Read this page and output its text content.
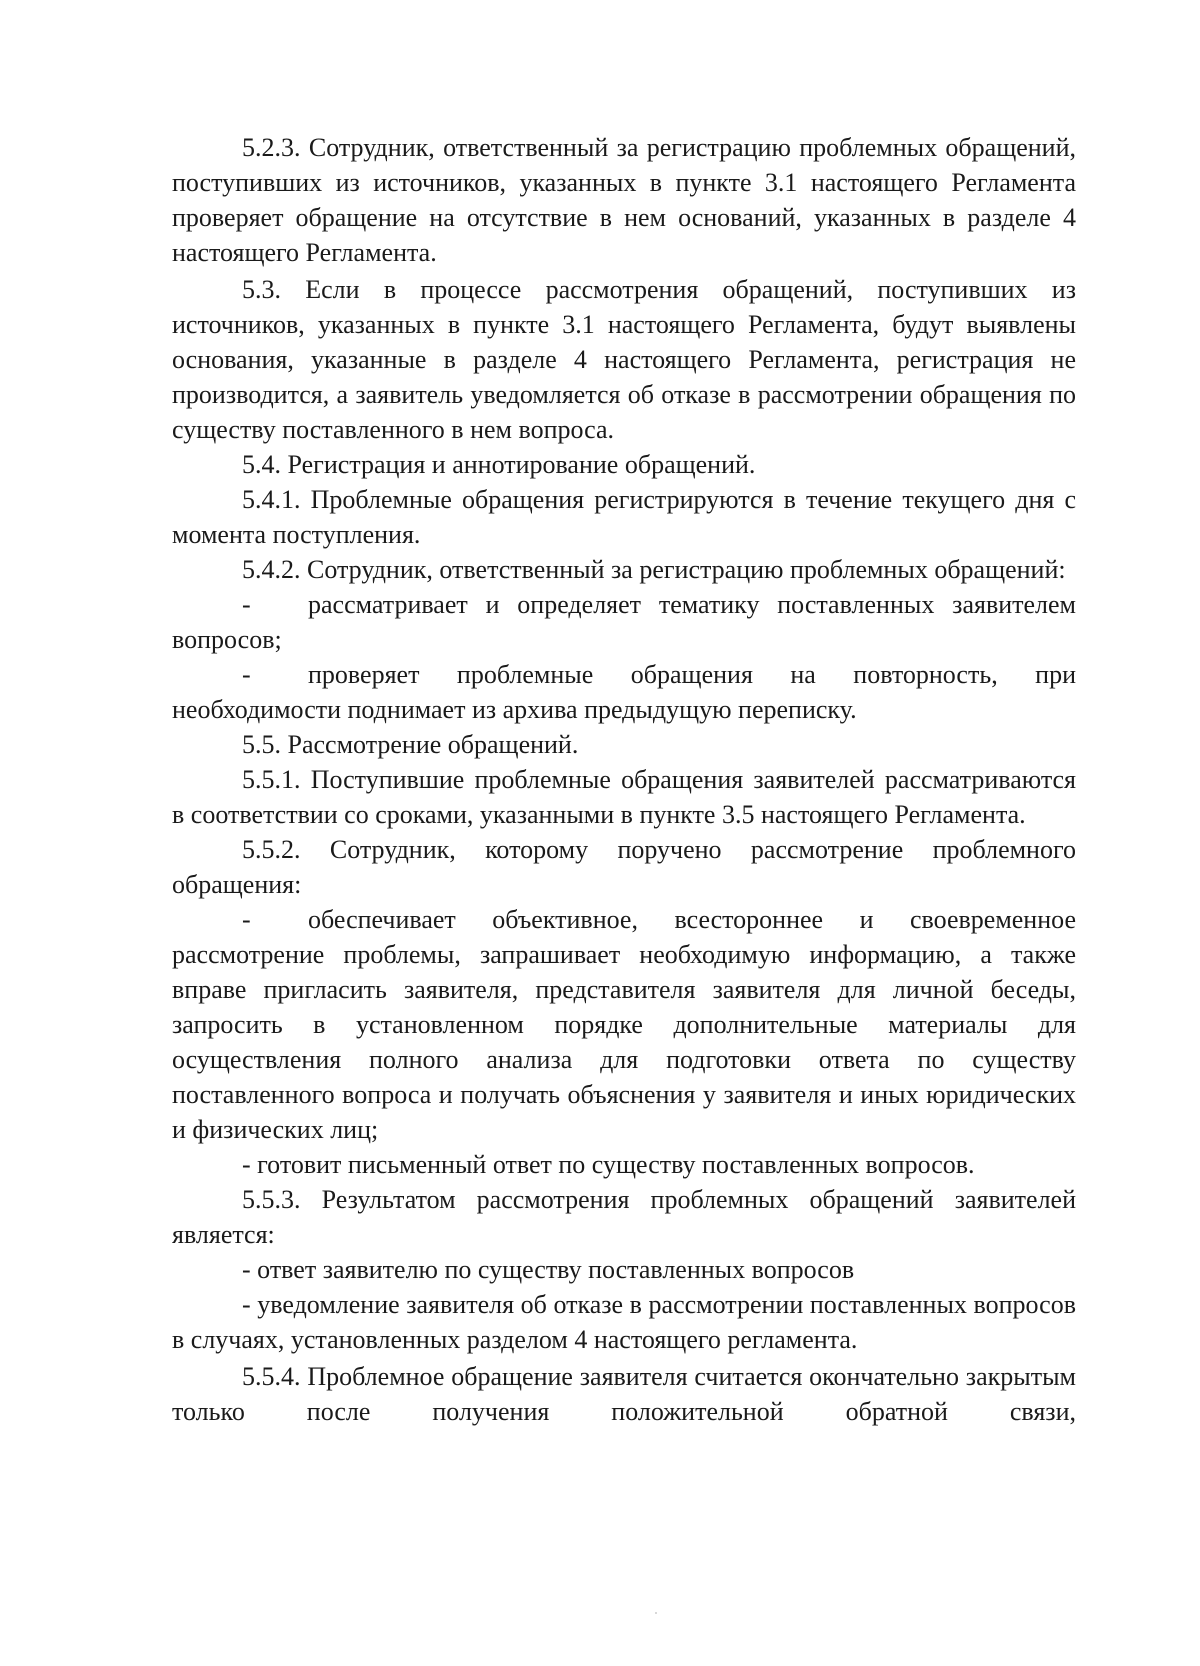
5.2.3. Сотрудник, ответственный за регистрацию проблемных обращений, поступивших из источников, указанных в пункте 3.1 настоящего Регламента проверяет обращение на отсутствие в нем оснований, указанных в разделе 4 настоящего Регламента.

5.3. Если в процессе рассмотрения обращений, поступивших из источников, указанных в пункте 3.1 настоящего Регламента, будут выявлены основания, указанные в разделе 4 настоящего Регламента, регистрация не производится, а заявитель уведомляется об отказе в рассмотрении обращения по существу поставленного в нем вопроса.

5.4. Регистрация и аннотирование обращений.

5.4.1. Проблемные обращения регистрируются в течение текущего дня с момента поступления.

5.4.2. Сотрудник, ответственный за регистрацию проблемных обращений:

- рассматривает и определяет тематику поставленных заявителем вопросов;

- проверяет проблемные обращения на повторность, при необходимости поднимает из архива предыдущую переписку.

5.5. Рассмотрение обращений.

5.5.1. Поступившие проблемные обращения заявителей рассматриваются в соответствии со сроками, указанными в пункте 3.5 настоящего Регламента.

5.5.2. Сотрудник, которому поручено рассмотрение проблемного обращения:

- обеспечивает объективное, всестороннее и своевременное рассмотрение проблемы, запрашивает необходимую информацию, а также вправе пригласить заявителя, представителя заявителя для личной беседы, запросить в установленном порядке дополнительные материалы для осуществления полного анализа для подготовки ответа по существу поставленного вопроса и получать объяснения у заявителя и иных юридических и физических лиц;

- готовит письменный ответ по существу поставленных вопросов.

5.5.3. Результатом рассмотрения проблемных обращений заявителей является:

- ответ заявителю по существу поставленных вопросов

- уведомление заявителя об отказе в рассмотрении поставленных вопросов в случаях, установленных разделом 4 настоящего регламента.

5.5.4. Проблемное обращение заявителя считается окончательно закрытым только после получения положительной обратной связи,
